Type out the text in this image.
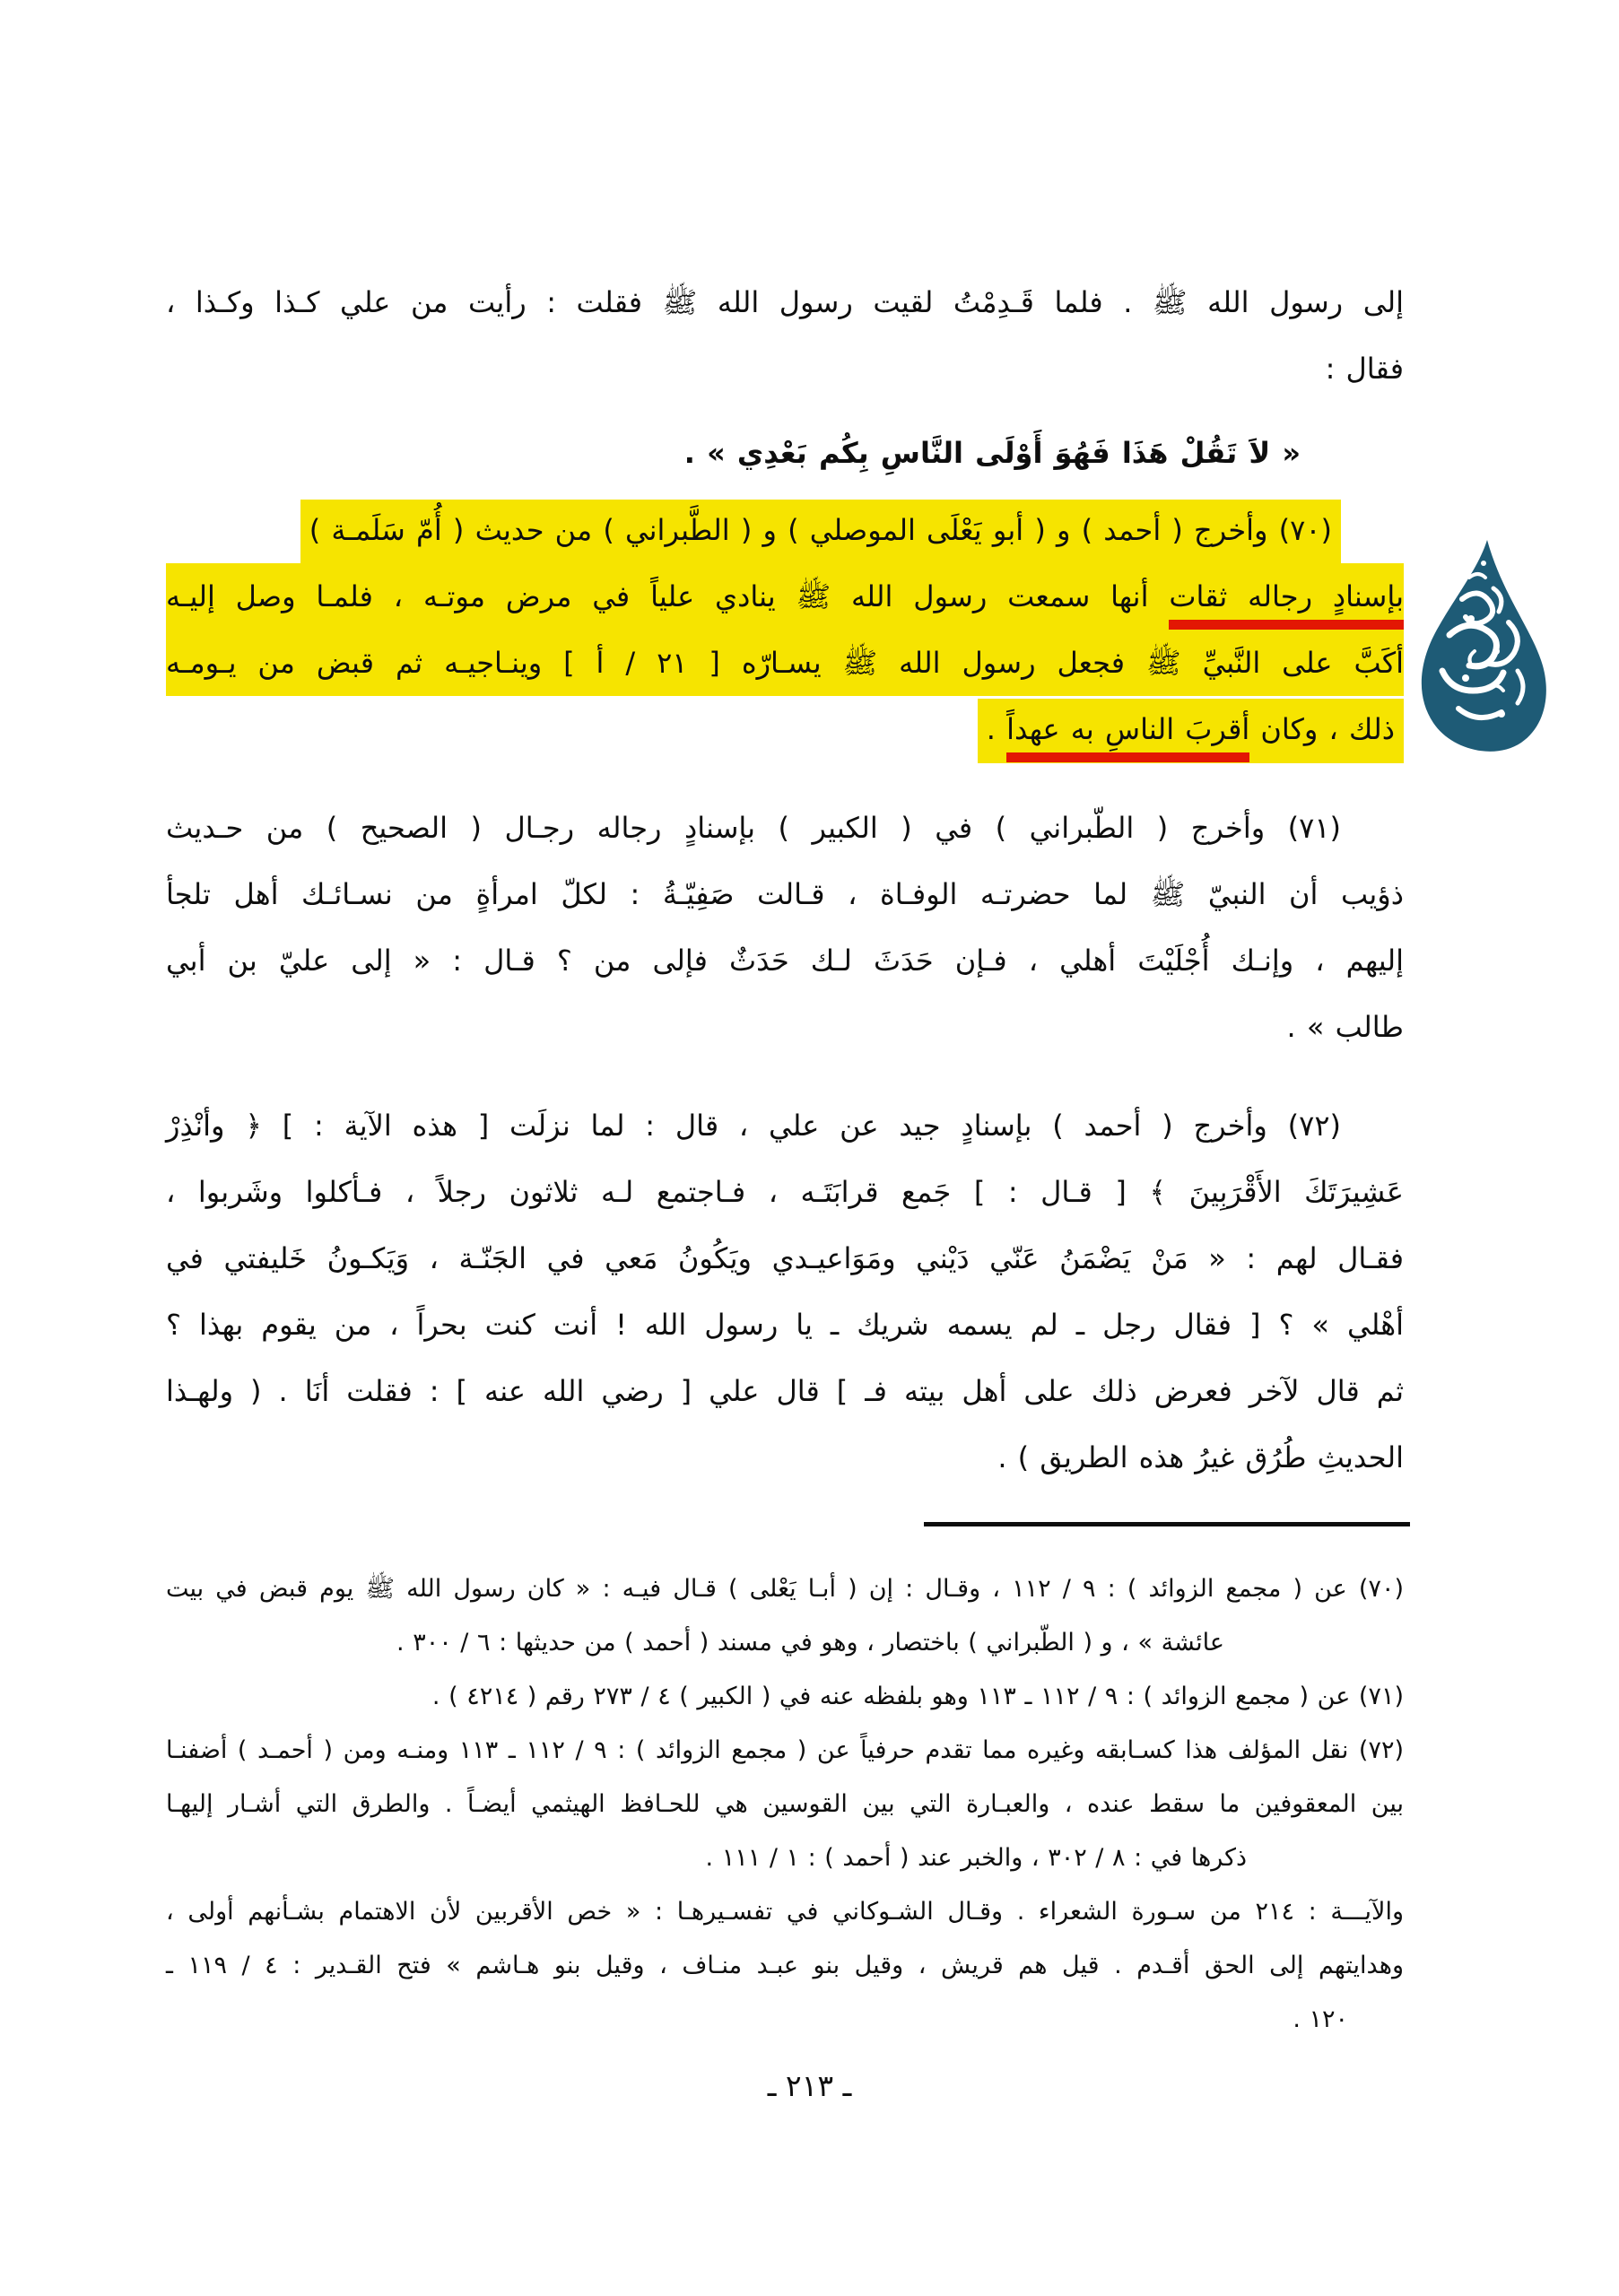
إلى رسول الله ﷺ . فلما قَـدِمْتُ لقيت رسول الله ﷺ فقلت : رأيت من علي كـذا وكـذا ،
فقال :
« لاَ تَقُلْ هَذَا فَهُوَ أَوْلَى النَّاسِ بِكُم بَعْدِي » .
(٧٠) وأخرج ( أحمد ) و ( أبو يَعْلَى الموصلي ) و ( الطَّبراني ) من حديث ( أُمّ سَلَمـة )
بإسنادٍ رجاله ثقات أنها سمعت رسول الله ﷺ ينادي علياً في مرض موتـه ، فلمـا وصل إليـه
أكَبَّ على النَّبيِّ ﷺ فجعل رسول الله ﷺ يسـارّه [ ٢١ / أ ] وينـاجيـه ثم قبض من يـومـه
ذلك ، وكان أقربَ الناسِ به عهداً .
(٧١) وأخرج ( الطّبراني ) في ( الكبير ) بإسنادٍ رجاله رجـال ( الصحيح ) من حـديث
ذؤيب أن النبيّ ﷺ لما حضرتـه الوفـاة ، قـالت صَفِيّـةُ : لكلّ امرأةٍ من نسـائـك أهل تلجأ
إليهم ، وإنـك أُجْلَيْتَ أهلي ، فـإن حَدَثَ لـك حَدَثٌ فإلى من ؟ قـال : « إلى عليّ بن أبي
طالب » .
(٧٢) وأخرج ( أحمد ) بإسنادٍ جيد عن علي ، قال : لما نزلَت [ هذه الآية : ] ﴿ وأنْذِرْ
عَشِيرَتَكَ الأَقْرَبِينَ ﴾ [ قـال : ] جَمع قرابَتَـه ، فـاجتمع لـه ثلاثون رجلاً ، فـأكلوا وشَربوا ،
فقـال لهم : « مَنْ يَضْمَنُ عَنّي دَيْني ومَوَاعيـدي ويَكُونُ مَعي في الجَنّـة ، وَيَكـونُ خَليفتي في
أهْلي » ؟ [ فقال رجل ـ لم يسمه شريك ـ يا رسول الله ! أنت كنت بحراً ، من يقوم بهذا ؟
ثم قال لآخر فعرض ذلك على أهل بيته فـ ] قال علي [ رضي الله عنه ] : فقلت أنَا . ( ولهـذا
الحديثِ طُرُق غيرُ هذه الطريق ) .
(٧٠) عن ( مجمع الزوائد ) : ٩ / ١١٢ ، وقـال : إن ( أبـا يَعْلى ) قـال فيـه : « كان رسول الله ﷺ يوم قبض في بيت
عائشة » ، و ( الطّبراني ) باختصار ، وهو في مسند ( أحمد ) من حديثها : ٦ / ٣٠٠ .
(٧١) عن ( مجمع الزوائد ) : ٩ / ١١٢ ـ ١١٣ وهو بلفظه عنه في ( الكبير ) ٤ / ٢٧٣ رقم ( ٤٢١٤ ) .
(٧٢) نقل المؤلف هذا كسـابقه وغيره مما تقدم حرفياً عن ( مجمع الزوائد ) : ٩ / ١١٢ ـ ١١٣ ومنـه ومن ( أحمـد ) أضفنـا
بين المعقوفين ما سقط عنده ، والعبـارة التي بين القوسين هي للحـافظ الهيثمي أيضـاً . والطرق التي أشـار إليهـا
ذكرها في : ٨ / ٣٠٢ ، والخبر عند ( أحمد ) : ١ / ١١١ .
والآيـــة : ٢١٤ من سـورة الشعراء . وقـال الشـوكاني في تفسـيرهـا : « خص الأقربين لأن الاهتمام بشـأنهم أولى ،
وهدايتهم إلى الحق أقـدم . قيل هم قريش ، وقيل بنو عبـد منـاف ، وقيل بنو هـاشم » فتح القـدير : ٤ / ١١٩ ـ
١٢٠ .
ـ ٢١٣ ـ
